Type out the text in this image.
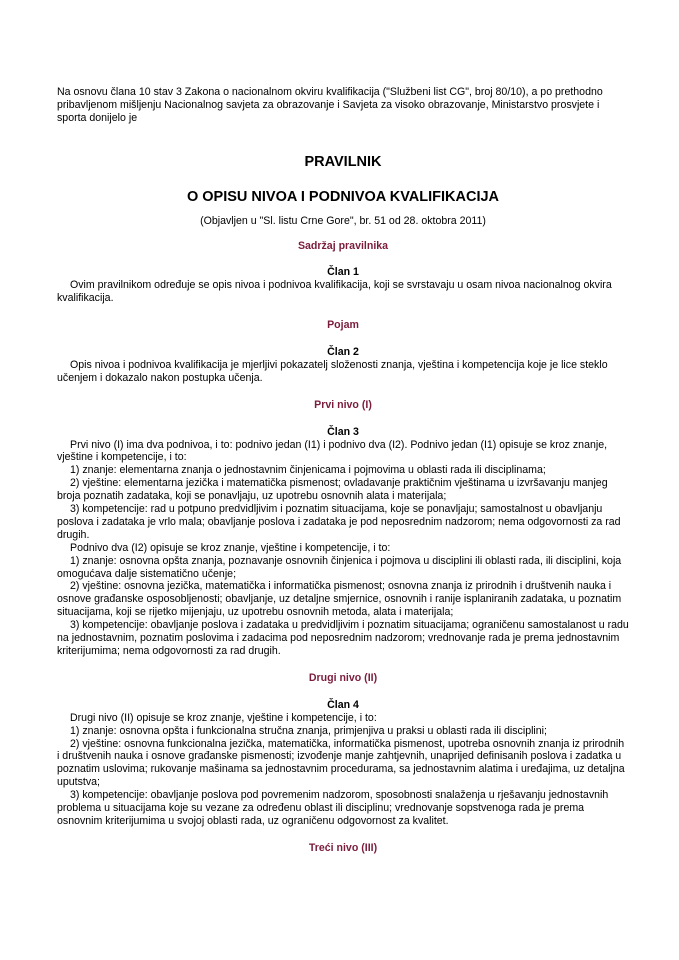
Na osnovu člana 10 stav 3 Zakona o nacionalnom okviru kvalifikacija ("Službeni list CG", broj 80/10), a po prethodno pribavljenom mišljenju Nacionalnog savjeta za obrazovanje i Savjeta za visoko obrazovanje, Ministarstvo prosvjete i sporta donijelo je

PRAVILNIK
O OPISU NIVOA I PODNIVOA KVALIFIKACIJA
(Objavljen u "Sl. listu Crne Gore", br. 51 od 28. oktobra 2011)
Sadržaj pravilnika
Član 1

Ovim pravilnikom određuje se opis nivoa i podnivoa kvalifikacija, koji se svrstavaju u osam nivoa nacionalnog okvira kvalifikacija.

Pojam
Član 2

Opis nivoa i podnivoa kvalifikacija je mjerljivi pokazatelj složenosti znanja, vještina i kompetencija koje je lice steklo učenjem i dokazalo nakon postupka učenja.

Prvi nivo (I)
Član 3

Prvi nivo (I) ima dva podnivoa, i to: podnivo jedan (I1) i podnivo dva (I2). Podnivo jedan (I1) opisuje se kroz znanje, vještine i kompetencije, i to:

1) znanje: elementarna znanja o jednostavnim činjenicama i pojmovima u oblasti rada ili disciplinama;

2) vještine: elementarna jezička i matematička pismenost; ovladavanje praktičnim vještinama u izvršavanju manjeg broja poznatih zadataka, koji se ponavljaju, uz upotrebu osnovnih alata i materijala;

3) kompetencije: rad u potpuno predvidljivim i poznatim situacijama, koje se ponavljaju; samostalnost u obavljanju poslova i zadataka je vrlo mala; obavljanje poslova i zadataka je pod neposrednim nadzorom; nema odgovornosti za rad drugih.

Podnivo dva (I2) opisuje se kroz znanje, vještine i kompetencije, i to:

1) znanje: osnovna opšta znanja, poznavanje osnovnih činjenica i pojmova u disciplini ili oblasti rada, ili disciplini, koja omogućava dalje sistematično učenje;

2) vještine: osnovna jezička, matematička i informatička pismenost; osnovna znanja iz prirodnih i društvenih nauka i osnove građanske osposobljenosti; obavljanje, uz detaljne smjernice, osnovnih i ranije isplaniranih zadataka, u poznatim situacijama, koji se rijetko mijenjaju, uz upotrebu osnovnih metoda, alata i materijala;

3) kompetencije: obavljanje poslova i zadataka u predvidljivim i poznatim situacijama; ograničenu samostalanost u radu na jednostavnim, poznatim poslovima i zadacima pod neposrednim nadzorom; vrednovanje rada je prema jednostavnim kriterijumima; nema odgovornosti za rad drugih.

Drugi nivo (II)
Član 4

Drugi nivo (II) opisuje se kroz znanje, vještine i kompetencije, i to:

1) znanje: osnovna opšta i funkcionalna stručna znanja, primjenjiva u praksi u oblasti rada ili disciplini;

2) vještine: osnovna funkcionalna jezička, matematička, informatička pismenost, upotreba osnovnih znanja iz prirodnih i društvenih nauka i osnove građanske pismenosti; izvođenje manje zahtjevnih, unaprijed definisanih poslova i zadatka u poznatim uslovima; rukovanje mašinama sa jednostavnim procedurama, sa jednostavnim alatima i uređajima, uz detaljna uputstva;

3) kompetencije: obavljanje poslova pod povremenim nadzorom, sposobnosti snalaženja u rješavanju jednostavnih problema u situacijama koje su vezane za određenu oblast ili disciplinu; vrednovanje sopstvenoga rada je prema osnovnim kriterijumima u svojoj oblasti rada, uz ograničenu odgovornost za kvalitet.

Treći nivo (III)
